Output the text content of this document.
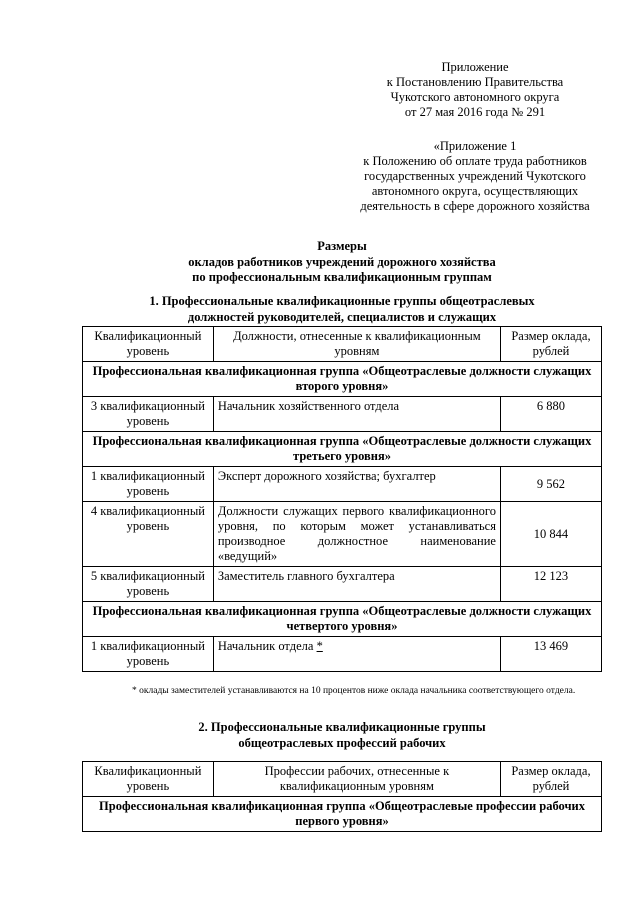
Приложение
к Постановлению Правительства
Чукотского автономного округа
от 27 мая 2016 года № 291
«Приложение 1
к Положению об оплате труда работников
государственных учреждений Чукотского
автономного округа, осуществляющих
деятельность в сфере дорожного хозяйства
Размеры
окладов работников учреждений дорожного хозяйства
по профессиональным квалификационным группам
1. Профессиональные квалификационные группы общеотраслевых
должностей руководителей, специалистов и служащих
Квалификационный уровень	Должности, отнесенные к квалификационным уровням	Размер оклада, рублей
Профессиональная квалификационная группа «Общеотраслевые должности служащих второго уровня»		
3 квалификационный уровень	Начальник хозяйственного отдела	6 880
Профессиональная квалификационная группа «Общеотраслевые должности служащих третьего уровня»		
1 квалификационный уровень	Эксперт дорожного хозяйства; бухгалтер	9 562
4 квалификационный уровень	Должности служащих первого квалификационного уровня, по которым может устанавливаться производное должностное наименование «ведущий»	10 844
5 квалификационный уровень	Заместитель главного бухгалтера	12 123
Профессиональная квалификационная группа «Общеотраслевые должности служащих четвертого уровня»		
1 квалификационный уровень	Начальник отдела *	13 469
* оклады заместителей устанавливаются на 10 процентов ниже оклада начальника соответствующего отдела.
2. Профессиональные квалификационные группы
общеотраслевых профессий рабочих
Квалификационный уровень	Профессии рабочих, отнесенные к квалификационным уровням	Размер оклада, рублей
Профессиональная квалификационная группа «Общеотраслевые профессии рабочих первого уровня»
